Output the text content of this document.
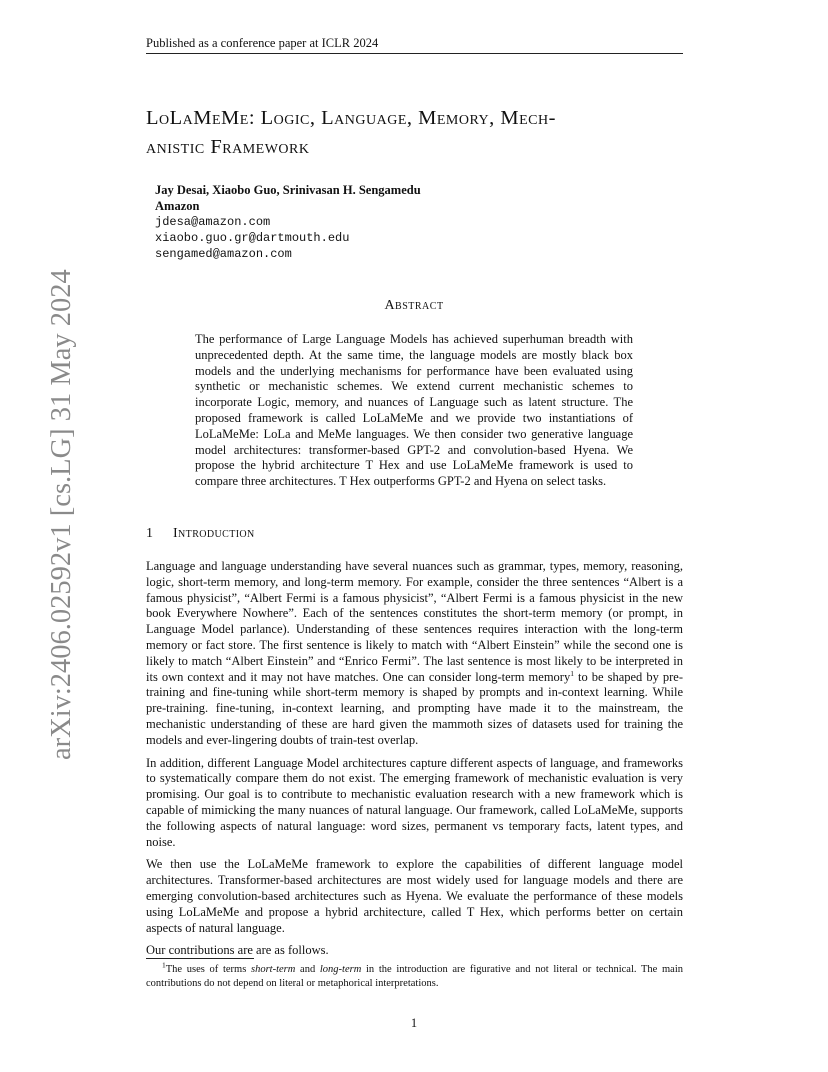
Published as a conference paper at ICLR 2024
arXiv:2406.02592v1 [cs.LG] 31 May 2024
LoLaMeMe: Logic, Language, Memory, Mech-
anistic Framework
Jay Desai, Xiaobo Guo, Srinivasan H. Sengamedu
Amazon
jdesa@amazon.com
xiaobo.guo.gr@dartmouth.edu
sengamed@amazon.com
Abstract

The performance of Large Language Models has achieved superhuman breadth with unprecedented depth. At the same time, the language models are mostly black box models and the underlying mechanisms for performance have been evaluated using synthetic or mechanistic schemes. We extend current mechanistic schemes to incorporate Logic, memory, and nuances of Language such as latent structure. The proposed framework is called LoLaMeMe and we provide two instantiations of LoLaMeMe: LoLa and MeMe languages. We then consider two generative language model architectures: transformer-based GPT-2 and convolution-based Hyena. We propose the hybrid architecture T Hex and use LoLaMeMe framework is used to compare three architectures. T Hex outperforms GPT-2 and Hyena on select tasks.

1 Introduction

Language and language understanding have several nuances such as grammar, types, memory, reasoning, logic, short-term memory, and long-term memory. For example, consider the three sentences “Albert is a famous physicist”, “Albert Fermi is a famous physicist”, “Albert Fermi is a famous physicist in the new book Everywhere Nowhere”. Each of the sentences constitutes the short-term memory (or prompt, in Language Model parlance). Understanding of these sentences requires interaction with the long-term memory or fact store. The first sentence is likely to match with “Albert Einstein” while the second one is likely to match “Albert Einstein” and “Enrico Fermi”. The last sentence is most likely to be interpreted in its own context and it may not have matches. One can consider long-term memory$^1$ to be shaped by pre-training and fine-tuning while short-term memory is shaped by prompts and in-context learning. While pre-training. fine-tuning, in-context learning, and prompting have made it to the mainstream, the mechanistic understanding of these are hard given the mammoth sizes of datasets used for training the models and ever-lingering doubts of train-test overlap.

In addition, different Language Model architectures capture different aspects of language, and frameworks to systematically compare them do not exist. The emerging framework of mechanistic evaluation is very promising. Our goal is to contribute to mechanistic evaluation research with a new framework which is capable of mimicking the many nuances of natural language. Our framework, called LoLaMeMe, supports the following aspects of natural language: word sizes, permanent vs temporary facts, latent types, and noise.

We then use the LoLaMeMe framework to explore the capabilities of different language model architectures. Transformer-based architectures are most widely used for language models and there are emerging convolution-based architectures such as Hyena. We evaluate the performance of these models using LoLaMeMe and propose a hybrid architecture, called T Hex, which performs better on certain aspects of natural language.

Our contributions are are as follows.

$^1$The uses of terms short-term and long-term in the introduction are figurative and not literal or technical. The main contributions do not depend on literal or metaphorical interpretations.

1
